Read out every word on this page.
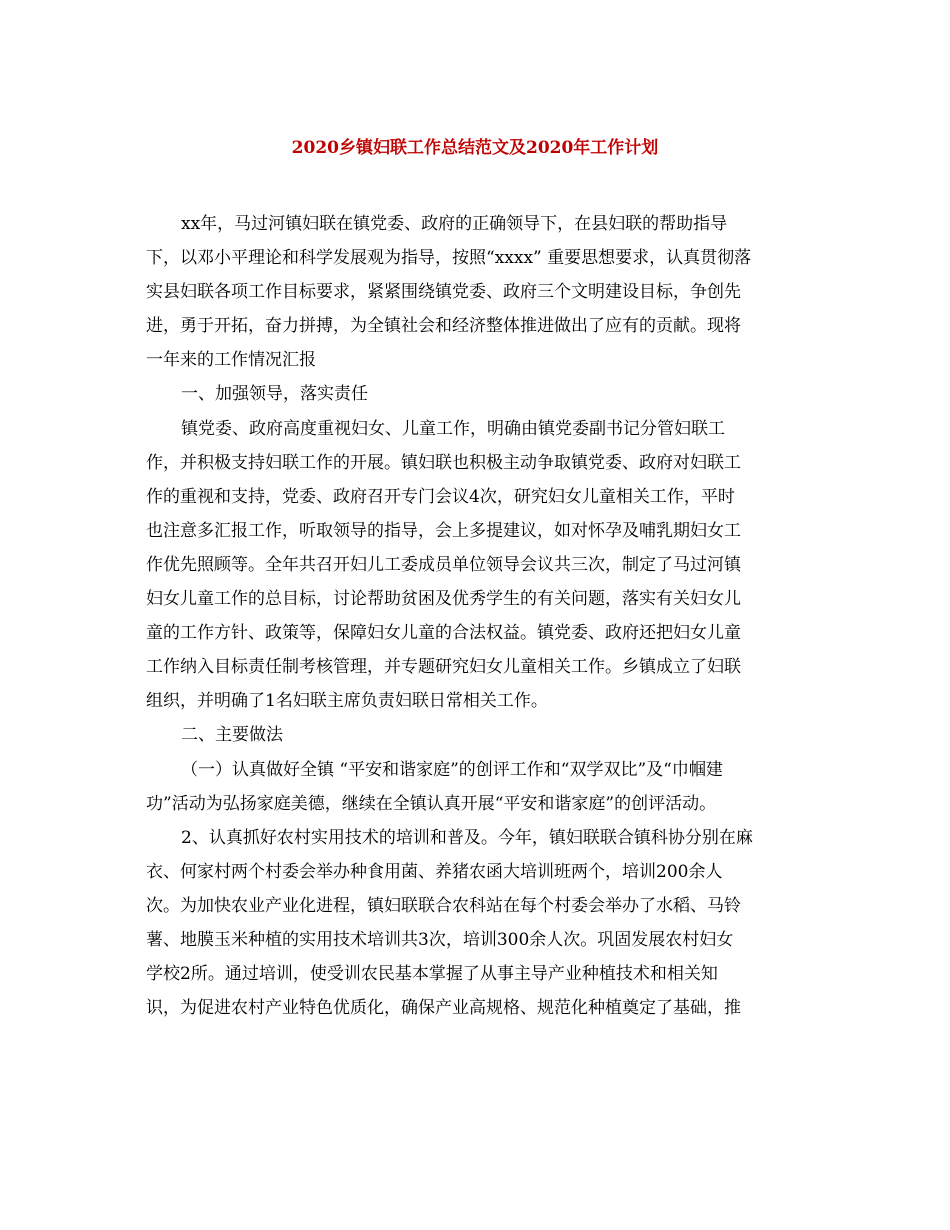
2020乡镇妇联工作总结范文及2020年工作计划
xx年，马过河镇妇联在镇党委、政府的正确领导下，在县妇联的帮助指导
下，以邓小平理论和科学发展观为指导，按照“xxxx” 重要思想要求，认真贯彻落
实县妇联各项工作目标要求，紧紧围绕镇党委、政府三个文明建设目标，争创先
进，勇于开拓，奋力拼搏，为全镇社会和经济整体推进做出了应有的贡献。现将
一年来的工作情况汇报
一、加强领导，落实责任
镇党委、政府高度重视妇女、儿童工作，明确由镇党委副书记分管妇联工
作，并积极支持妇联工作的开展。镇妇联也积极主动争取镇党委、政府对妇联工
作的重视和支持，党委、政府召开专门会议4次，研究妇女儿童相关工作，平时
也注意多汇报工作，听取领导的指导，会上多提建议，如对怀孕及哺乳期妇女工
作优先照顾等。全年共召开妇儿工委成员单位领导会议共三次，制定了马过河镇
妇女儿童工作的总目标，讨论帮助贫困及优秀学生的有关问题，落实有关妇女儿
童的工作方针、政策等，保障妇女儿童的合法权益。镇党委、政府还把妇女儿童
工作纳入目标责任制考核管理，并专题研究妇女儿童相关工作。乡镇成立了妇联
组织，并明确了1名妇联主席负责妇联日常相关工作。
二、主要做法
（一）认真做好全镇 “平安和谐家庭”的创评工作和“双学双比”及“巾帼建
功”活动为弘扬家庭美德，继续在全镇认真开展“平安和谐家庭”的创评活动。
2、认真抓好农村实用技术的培训和普及。今年，镇妇联联合镇科协分别在麻
衣、何家村两个村委会举办种食用菌、养猪农函大培训班两个，培训200余人
次。为加快农业产业化进程，镇妇联联合农科站在每个村委会举办了水稻、马铃
薯、地膜玉米种植的实用技术培训共3次，培训300余人次。巩固发展农村妇女
学校2所。通过培训，使受训农民基本掌握了从事主导产业种植技术和相关知
识，为促进农村产业特色优质化，确保产业高规格、规范化种植奠定了基础，推
